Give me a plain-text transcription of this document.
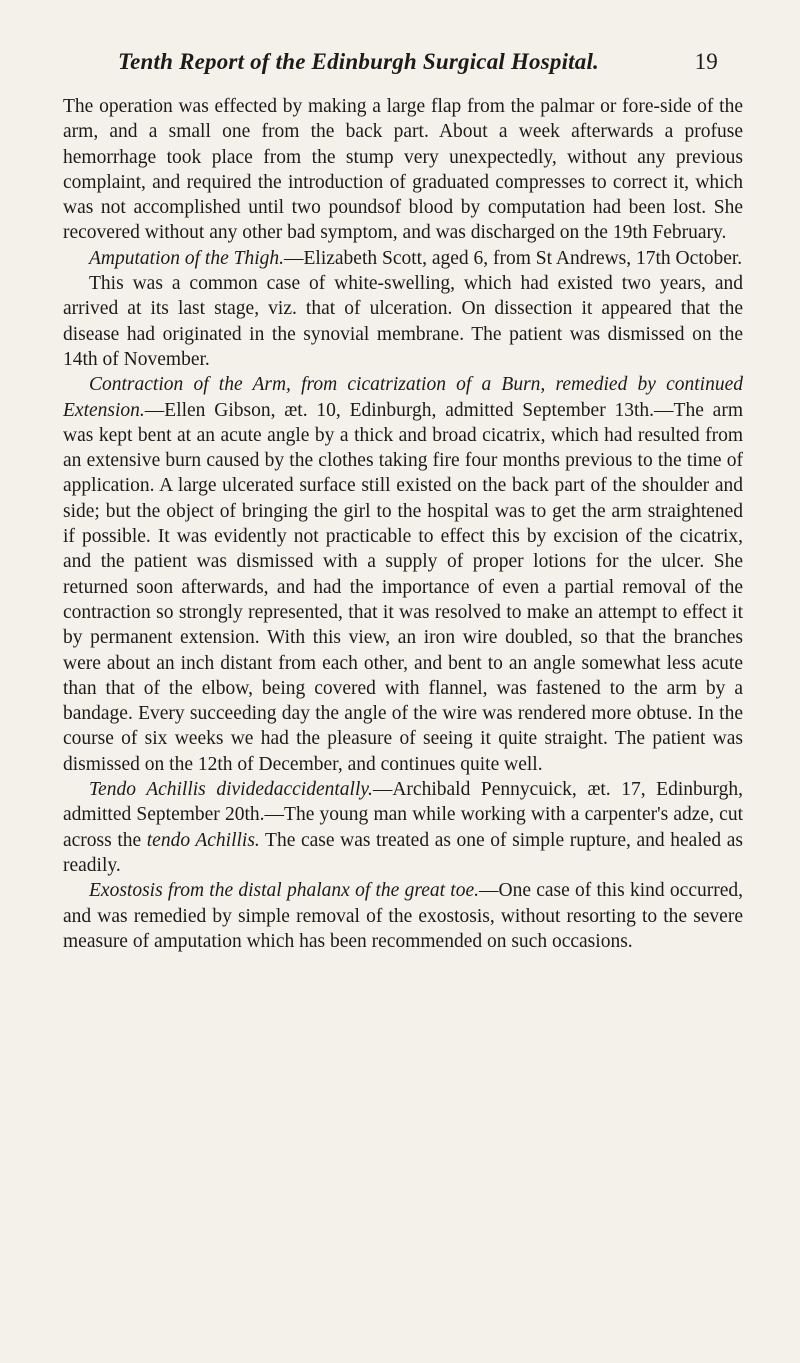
Tenth Report of the Edinburgh Surgical Hospital.	19

The operation was effected by making a large flap from the palmar or fore-side of the arm, and a small one from the back part. About a week afterwards a profuse hemorrhage took place from the stump very unexpectedly, without any previous complaint, and required the introduction of graduated compresses to correct it, which was not accomplished until two poundsof blood by computation had been lost. She recovered without any other bad symptom, and was discharged on the 19th February.

Amputation of the Thigh.—Elizabeth Scott, aged 6, from St Andrews, 17th October.

This was a common case of white-swelling, which had existed two years, and arrived at its last stage, viz. that of ulceration. On dissection it appeared that the disease had originated in the synovial membrane. The patient was dismissed on the 14th of November.

Contraction of the Arm, from cicatrization of a Burn, remedied by continued Extension.—Ellen Gibson, æt. 10, Edinburgh, admitted September 13th.—The arm was kept bent at an acute angle by a thick and broad cicatrix, which had resulted from an extensive burn caused by the clothes taking fire four months previous to the time of application. A large ulcerated surface still existed on the back part of the shoulder and side; but the object of bringing the girl to the hospital was to get the arm straightened if possible. It was evidently not practicable to effect this by excision of the cicatrix, and the patient was dismissed with a supply of proper lotions for the ulcer. She returned soon afterwards, and had the importance of even a partial removal of the contraction so strongly represented, that it was resolved to make an attempt to effect it by permanent extension. With this view, an iron wire doubled, so that the branches were about an inch distant from each other, and bent to an angle somewhat less acute than that of the elbow, being covered with flannel, was fastened to the arm by a bandage. Every succeeding day the angle of the wire was rendered more obtuse. In the course of six weeks we had the pleasure of seeing it quite straight. The patient was dismissed on the 12th of December, and continues quite well.

Tendo Achillis dividedaccidentally.—Archibald Pennycuick, æt. 17, Edinburgh, admitted September 20th.—The young man while working with a carpenter's adze, cut across the tendo Achillis. The case was treated as one of simple rupture, and healed as readily.

Exostosis from the distal phalanx of the great toe.—One case of this kind occurred, and was remedied by simple removal of the exostosis, without resorting to the severe measure of amputation which has been recommended on such occasions.
